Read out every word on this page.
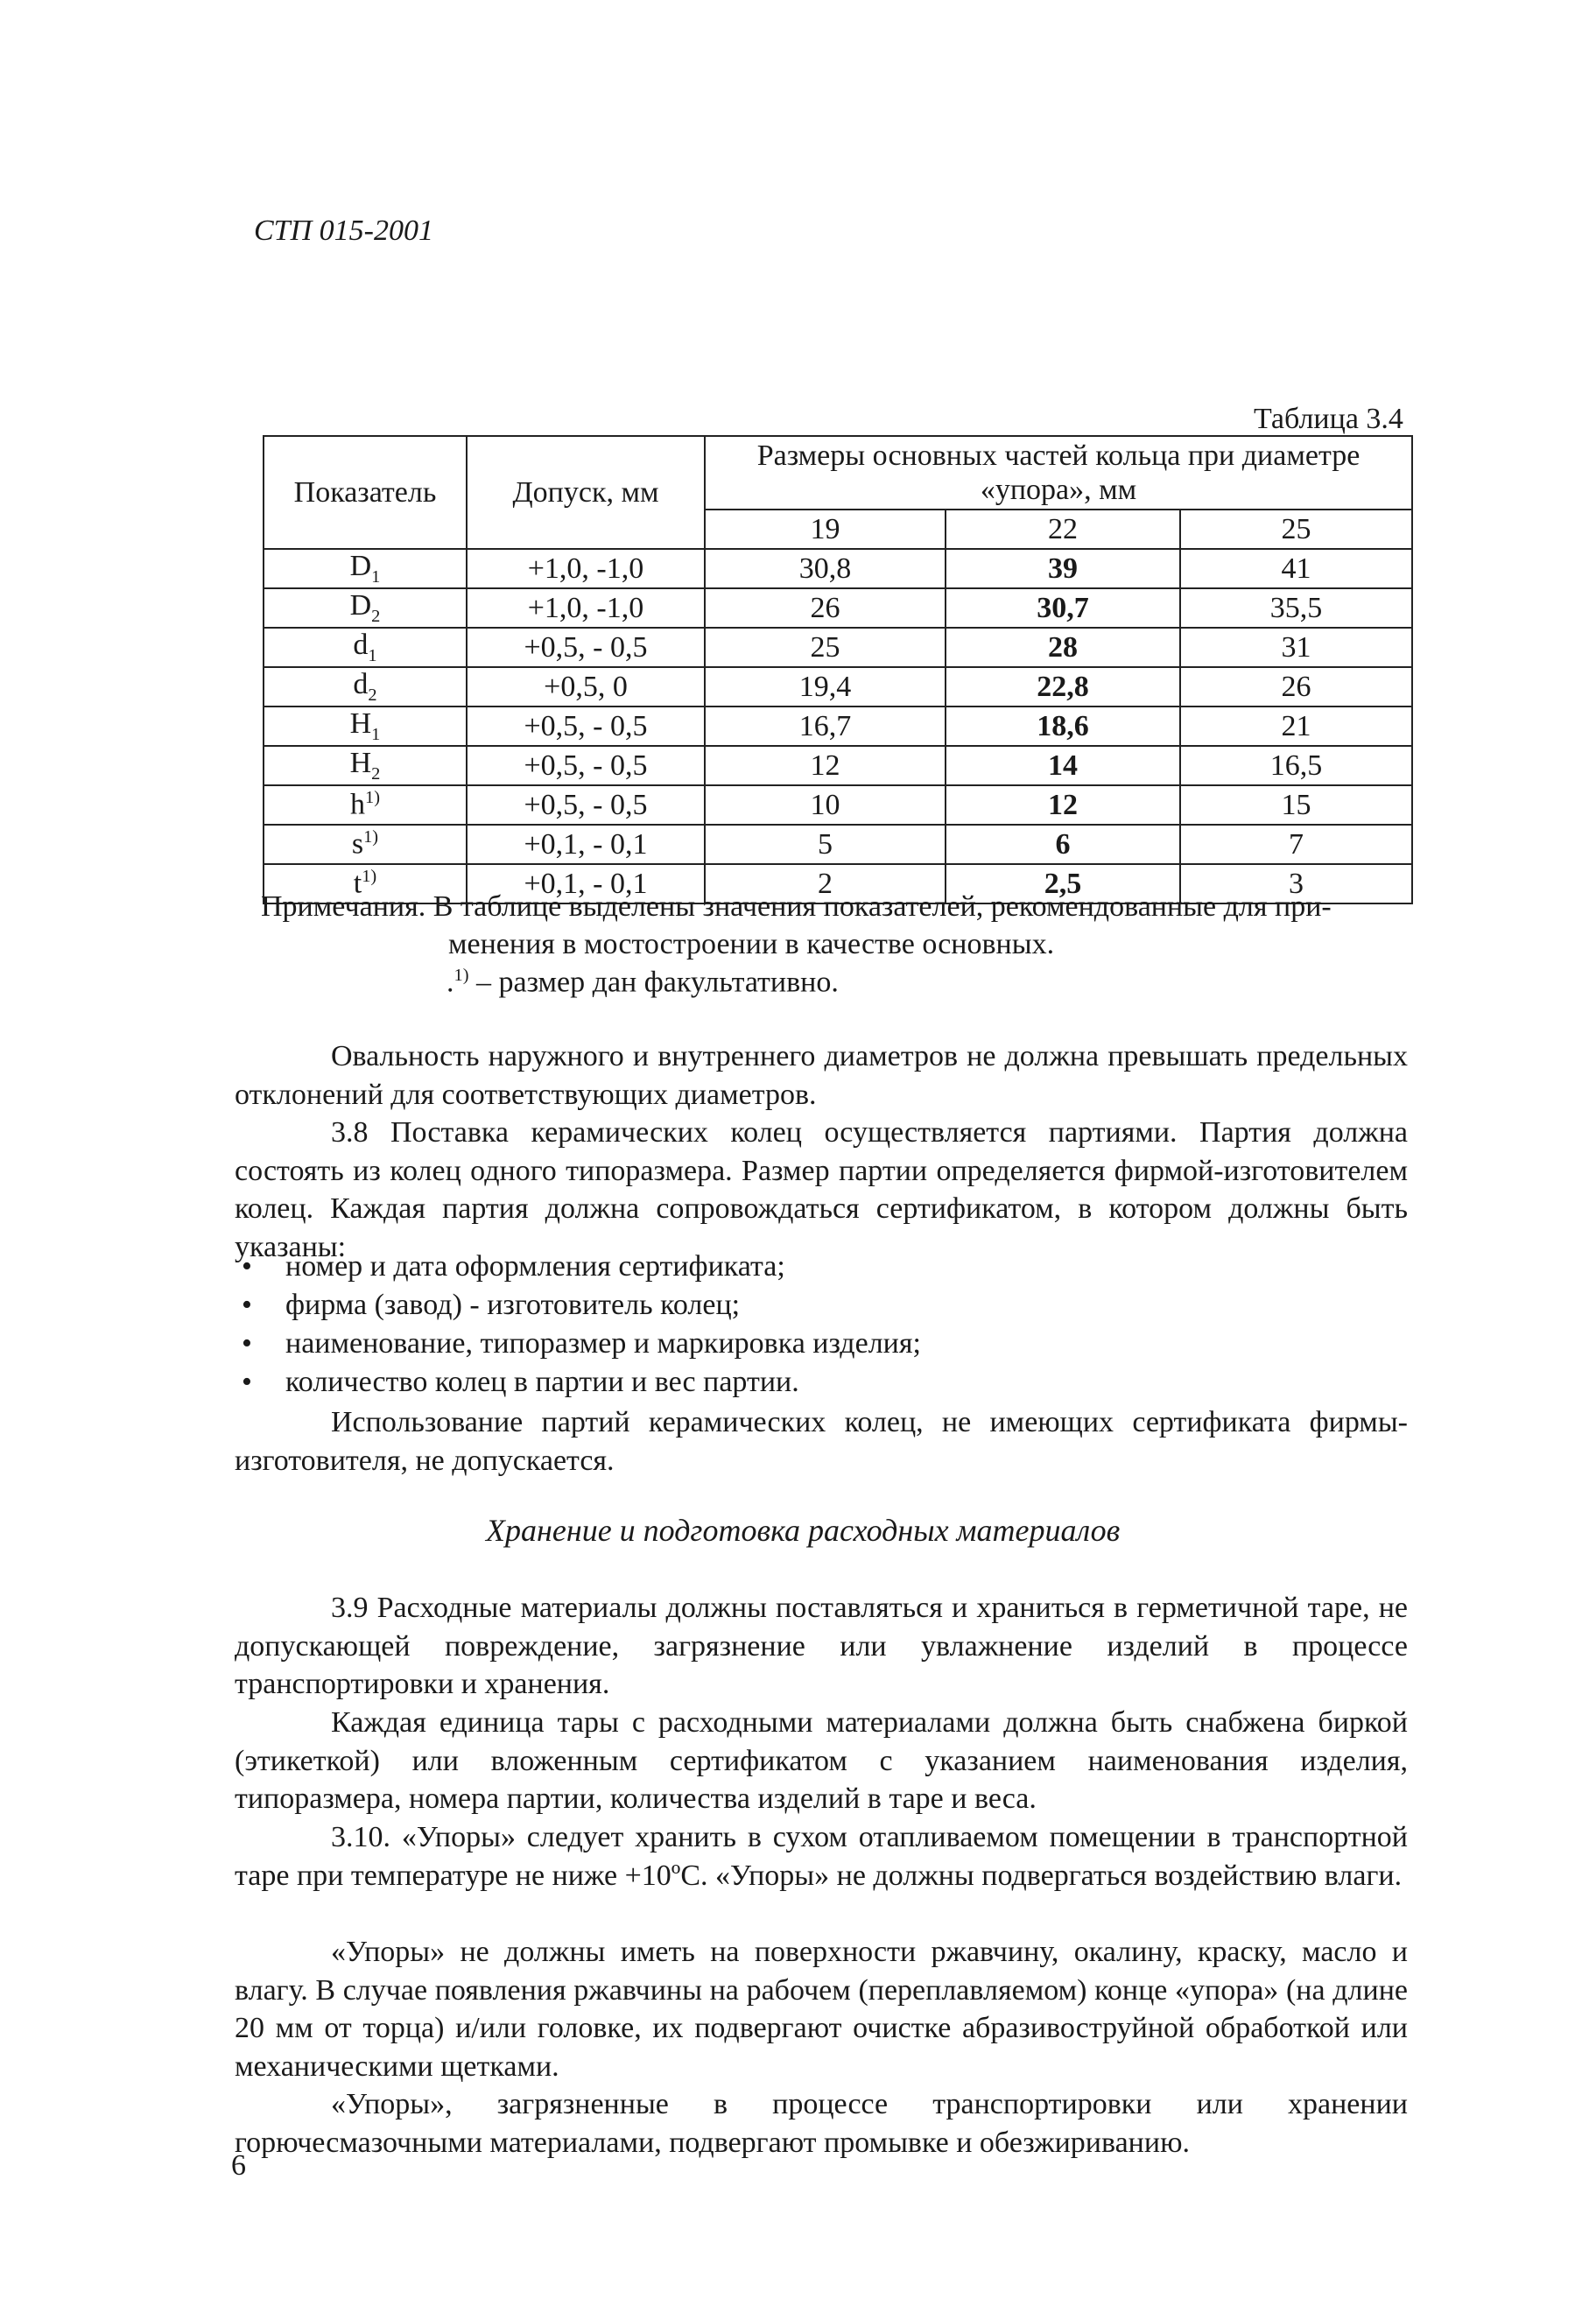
СТП 015-2001
Таблица 3.4
Показатель	Допуск, мм	Размеры основных частей кольца при диаметре «упора», мм		
		19	22	25
$D_1$	+1,0, -1,0	30,8	39	41
$D_2$	+1,0, -1,0	26	30,7	35,5
$d_1$	+0,5, - 0,5	25	28	31
$d_2$	+0,5, 0	19,4	22,8	26
$H_1$	+0,5, - 0,5	16,7	18,6	21
$H_2$	+0,5, - 0,5	12	14	16,5
$h^{1)}$	+0,5, - 0,5	10	12	15
$s^{1)}$	+0,1, - 0,1	5	6	7
$t^{1)}$	+0,1, - 0,1	2	2,5	3
Примечания. В таблице выделены значения показателей, рекомендованные для при-
менения в мостостроении в качестве основных.
.$^{1)}$ – размер дан факультативно.

Овальность наружного и внутреннего диаметров не должна превышать предельных отклонений для соответствующих диаметров.

3.8 Поставка керамических колец осуществляется партиями. Партия должна состоять из колец одного типоразмера. Размер партии определяется фирмой-изготовителем колец. Каждая партия должна сопровождаться сертификатом, в котором должны быть указаны:

• номер и дата оформления сертификата;
• фирма (завод) - изготовитель колец;
• наименование, типоразмер и маркировка изделия;
• количество колец в партии и вес партии.

Использование партий керамических колец, не имеющих сертификата фирмы-изготовителя, не допускается.

Хранение и подготовка расходных материалов

3.9 Расходные материалы должны поставляться и храниться в герметичной таре, не допускающей повреждение, загрязнение или увлажнение изделий в процессе транспортировки и хранения.

Каждая единица тары с расходными материалами должна быть снабжена биркой (этикеткой) или вложенным сертификатом с указанием наименования изделия, типоразмера, номера партии, количества изделий в таре и веса.

3.10. «Упоры» следует хранить в сухом отапливаемом помещении в транспортной таре при температуре не ниже +10ºС. «Упоры» не должны подвергаться воздействию влаги.

«Упоры» не должны иметь на поверхности ржавчину, окалину, краску, масло и влагу. В случае появления ржавчины на рабочем (переплавляемом) конце «упора» (на длине 20 мм от торца) и/или головке, их подвергают очистке абразивоструйной обработкой или механическими щетками.

«Упоры», загрязненные в процессе транспортировки или хранении горючесмазочными материалами, подвергают промывке и обезжириванию.

6
